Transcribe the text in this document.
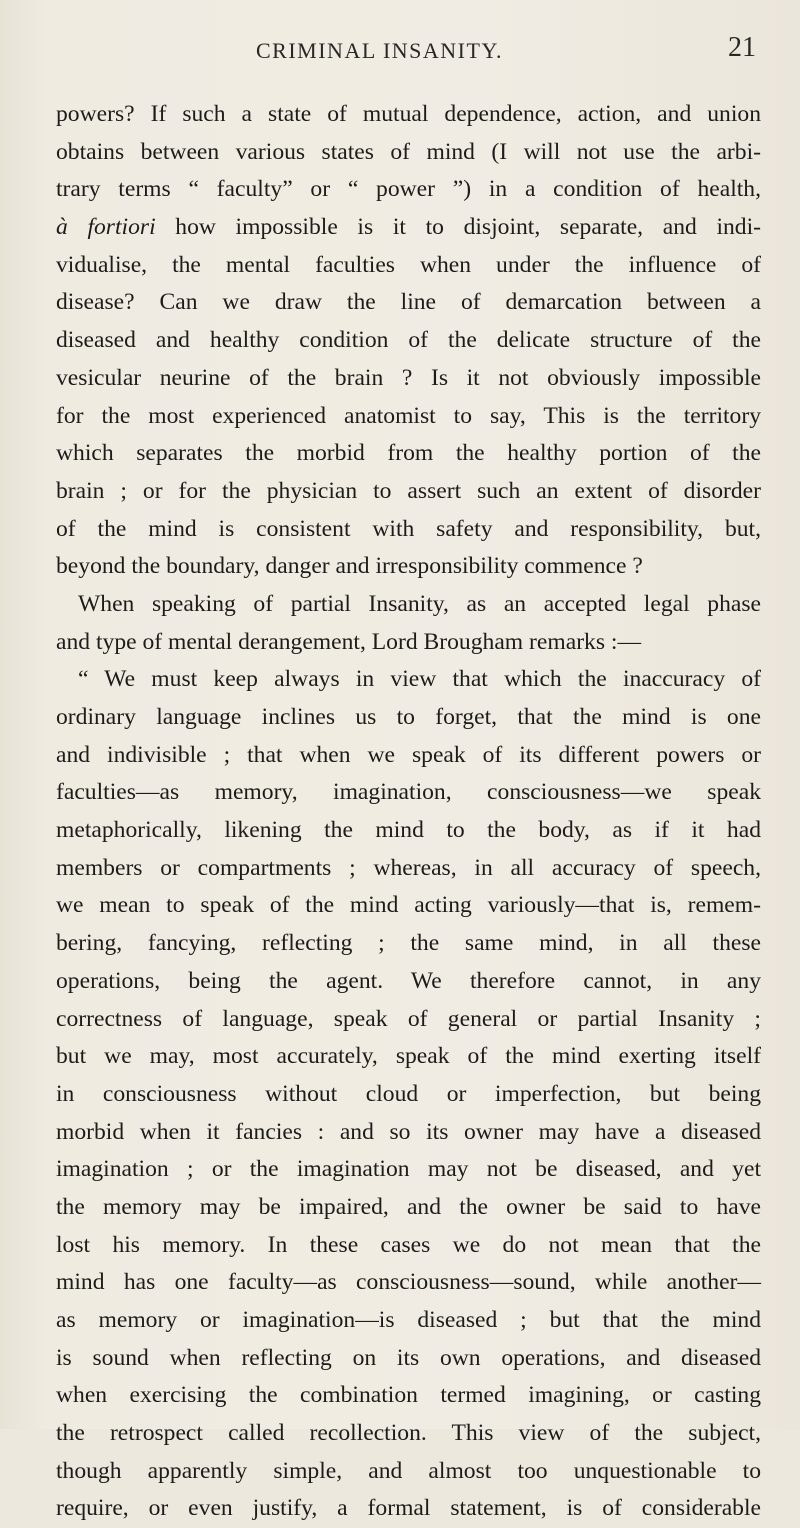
CRIMINAL INSANITY.	21
powers? If such a state of mutual dependence, action, and union
obtains between various states of mind (I will not use the arbi-
trary terms “ faculty” or “ power ”) in a condition of health,
à fortiori how impossible is it to disjoint, separate, and indi-
vidualise, the mental faculties when under the influence of
disease? Can we draw the line of demarcation between a
diseased and healthy condition of the delicate structure of the
vesicular neurine of the brain ? Is it not obviously impossible
for the most experienced anatomist to say, This is the territory
which separates the morbid from the healthy portion of the
brain ; or for the physician to assert such an extent of disorder
of the mind is consistent with safety and responsibility, but,
beyond the boundary, danger and irresponsibility commence ?
When speaking of partial Insanity, as an accepted legal phase
and type of mental derangement, Lord Brougham remarks :—
“ We must keep always in view that which the inaccuracy of
ordinary language inclines us to forget, that the mind is one
and indivisible ; that when we speak of its different powers or
faculties—as memory, imagination, consciousness—we speak
metaphorically, likening the mind to the body, as if it had
members or compartments ; whereas, in all accuracy of speech,
we mean to speak of the mind acting variously—that is, remem-
bering, fancying, reflecting ; the same mind, in all these
operations, being the agent. We therefore cannot, in any
correctness of language, speak of general or partial Insanity ;
but we may, most accurately, speak of the mind exerting itself
in consciousness without cloud or imperfection, but being
morbid when it fancies : and so its owner may have a diseased
imagination ; or the imagination may not be diseased, and yet
the memory may be impaired, and the owner be said to have
lost his memory. In these cases we do not mean that the
mind has one faculty—as consciousness—sound, while another—
as memory or imagination—is diseased ; but that the mind
is sound when reflecting on its own operations, and diseased
when exercising the combination termed imagining, or casting
the retrospect called recollection. This view of the subject,
though apparently simple, and almost too unquestionable to
require, or even justify, a formal statement, is of considerable
